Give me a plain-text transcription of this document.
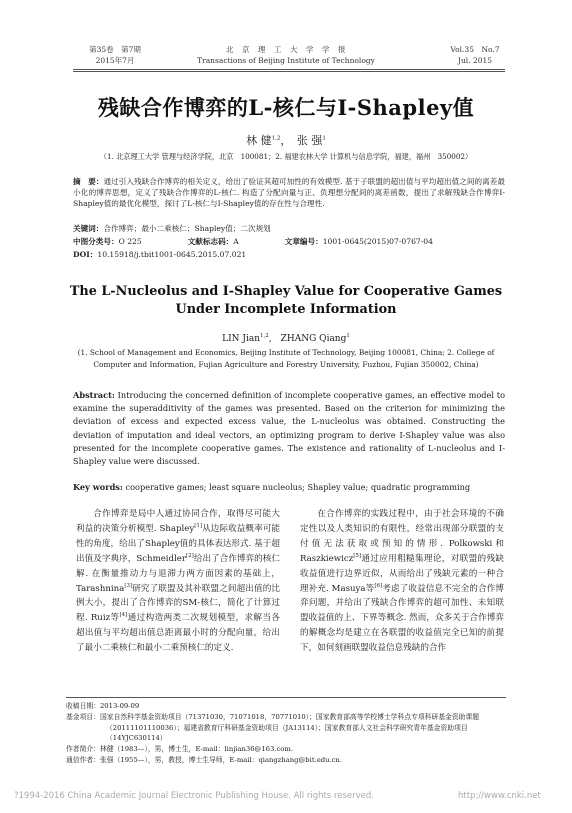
第35卷　第7期
2015年7月
北　京　理　工　大　学　学　报
Transactions of Beijing Institute of Technology
Vol.35　No.7
Jul. 2015
残缺合作博弈的L-核仁与I-Shapley值
林 健$^{1,2}$，　张 强$^1$
（1. 北京理工大学 管理与经济学院，北京　100081；2. 福建农林大学 计算机与信息学院，福建，福州　350002）
摘　要：通过引入残缺合作博弈的相关定义，给出了验证其超可加性的有效模型. 基于子联盟的超出值与平均超出值之间的离差最小化的博弈思想，定义了残缺合作博弈的L-核仁. 构造了分配向量与正、负理想分配间的离差函数，提出了求解残缺合作博弈I-Shapley值的最优化模型，探讨了L-核仁与I-Shapley值的存在性与合理性.
关键词：合作博弈；最小二乘核仁；Shapley值；二次规划
中图分类号：O 225	文献标志码：A	文章编号：1001-0645(2015)07-0767-04
DOI：10.15918/j.tbit1001-0645.2015.07.021
The L-Nucleolus and I-Shapley Value for Cooperative Games
Under Incomplete Information
LIN Jian$^{1,2}$,　ZHANG Qiang$^1$
(1. School of Management and Economics, Beijing Institute of Technology, Beijing 100081, China; 2. College of
Computer and Information, Fujian Agriculture and Forestry University, Fuzhou, Fujian 350002, China)
Abstract: Introducing the concerned definition of incomplete cooperative games, an effective model to examine the superadditivity of the games was presented. Based on the criterion for minimizing the deviation of excess and expected excess value, the L-nucleolus was obtained. Constructing the deviation of imputation and ideal vectors, an optimizing program to derive I-Shapley value was also presented for the incomplete cooperative games. The existence and rationality of L-nucleolus and I-Shapley value were discussed.
Key words: cooperative games; least square nucleolus; Shapley value; quadratic programming
合作博弈是局中人通过协同合作，取得尽可能大利益的决策分析模型. Shapley[1]从边际收益概率可能性的角度，给出了Shapley值的具体表达形式. 基于超出值及字典序，Schmeidler[2]给出了合作博弈的核仁解. 在衡量推动力与退滞力两方面因素的基础上，Tarashnina[3]研究了联盟及其补联盟之间超出值的比例大小，提出了合作博弈的SM-核仁，简化了计算过程. Ruiz等[4]通过构造两类二次规划模型，求解当各超出值与平均超出值总距离最小时的分配向量，给出了最小二乘核仁和最小二乘预核仁的定义.
在合作博弈的实践过程中，由于社会环境的不确定性以及人类知识的有限性，经常出现部分联盟的支付值无法获取或预知的情形. Polkowski和Raszkiewicz[5]通过应用粗糙集理论，对联盟的残缺收益值进行边界近似，从而给出了残缺元素的一种合理补充. Masuya等[6]考虑了收益信息不完全的合作博弈问题，并给出了残缺合作博弈的超可加性、未知联盟收益值的上、下界等概念. 然而，众多关于合作博弈的解概念均是建立在各联盟的收益值完全已知的前提下，如何刻画联盟收益信息残缺的合作
收稿日期：2013-09-09
基金项目：国家自然科学基金资助项目（71371030，71071018，70771010）；国家教育部高等学校博士学科点专项科研基金资助课题（20111101110036）；福建省教育厅科研基金资助项目（JA13114）；国家教育部人文社会科学研究青年基金资助项目（14YJC630114）
作者简介：林健（1983—），男，博士生，E-mail：linjian36@163.com.
通信作者：张强（1955—），男，教授，博士生导师，E-mail：qiangzhang@bit.edu.cn.
?1994-2016 China Academic Journal Electronic Publishing House. All rights reserved.	http://www.cnki.net
